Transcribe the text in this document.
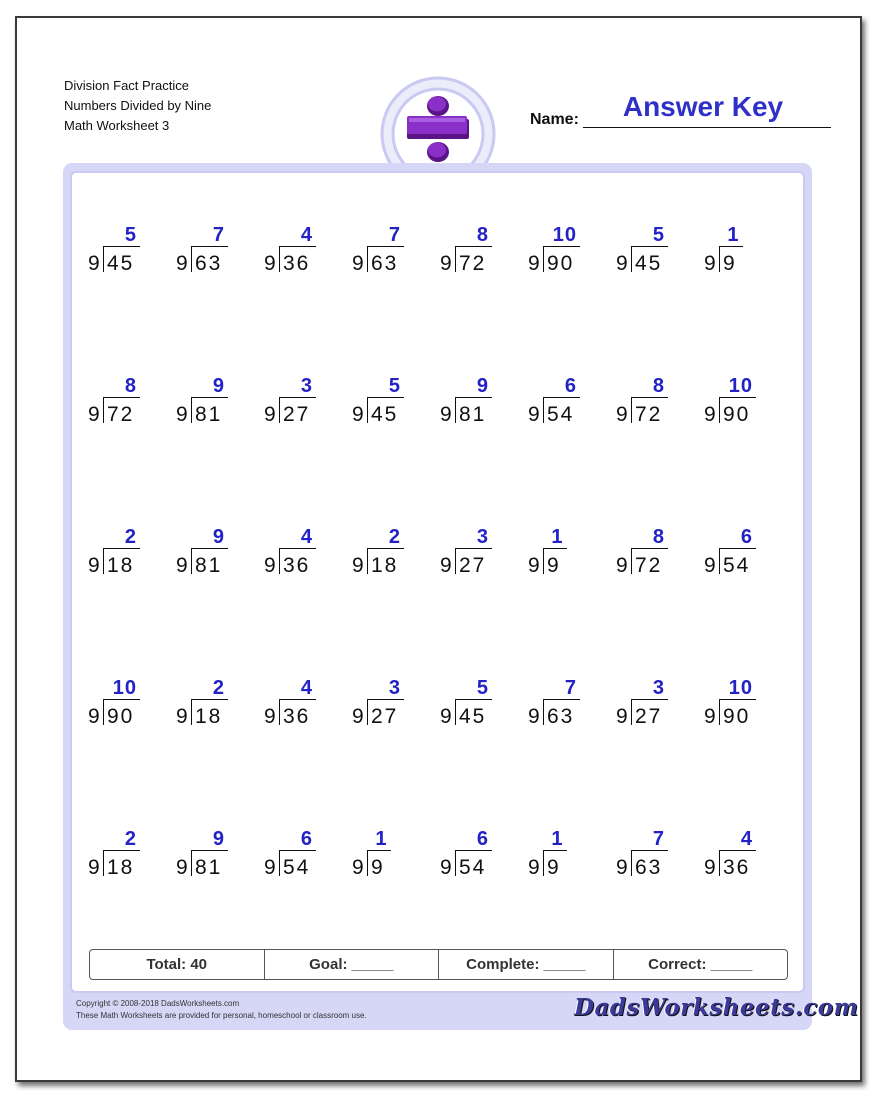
Division Fact Practice
Numbers Divided by Nine
Math Worksheet 3	Name:	Answer Key
9 45
5
9 63
7
9 36
4
9 63
7
9 72
8
9 90
10
9 45
5
9 9
1
9 72
8
9 81
9
9 27
3
9 45
5
9 81
9
9 54
6
9 72
8
9 90
10
9 18
2
9 81
9
9 36
4
9 18
2
9 27
3
9 9
1
9 72
8
9 54
6
9 90
10
9 18
2
9 36
4
9 27
3
9 45
5
9 63
7
9 27
3
9 90
10
9 18
2
9 81
9
9 54
6
9 9
1
9 54
6
9 9
1
9 63
7
9 36
4
Total: 40	Goal: _____	Complete: _____	Correct: _____
Copyright © 2008-2018 DadsWorksheets.com
These Math Worksheets are provided for personal, homeschool or classroom use.	DadsWorksheets.com
